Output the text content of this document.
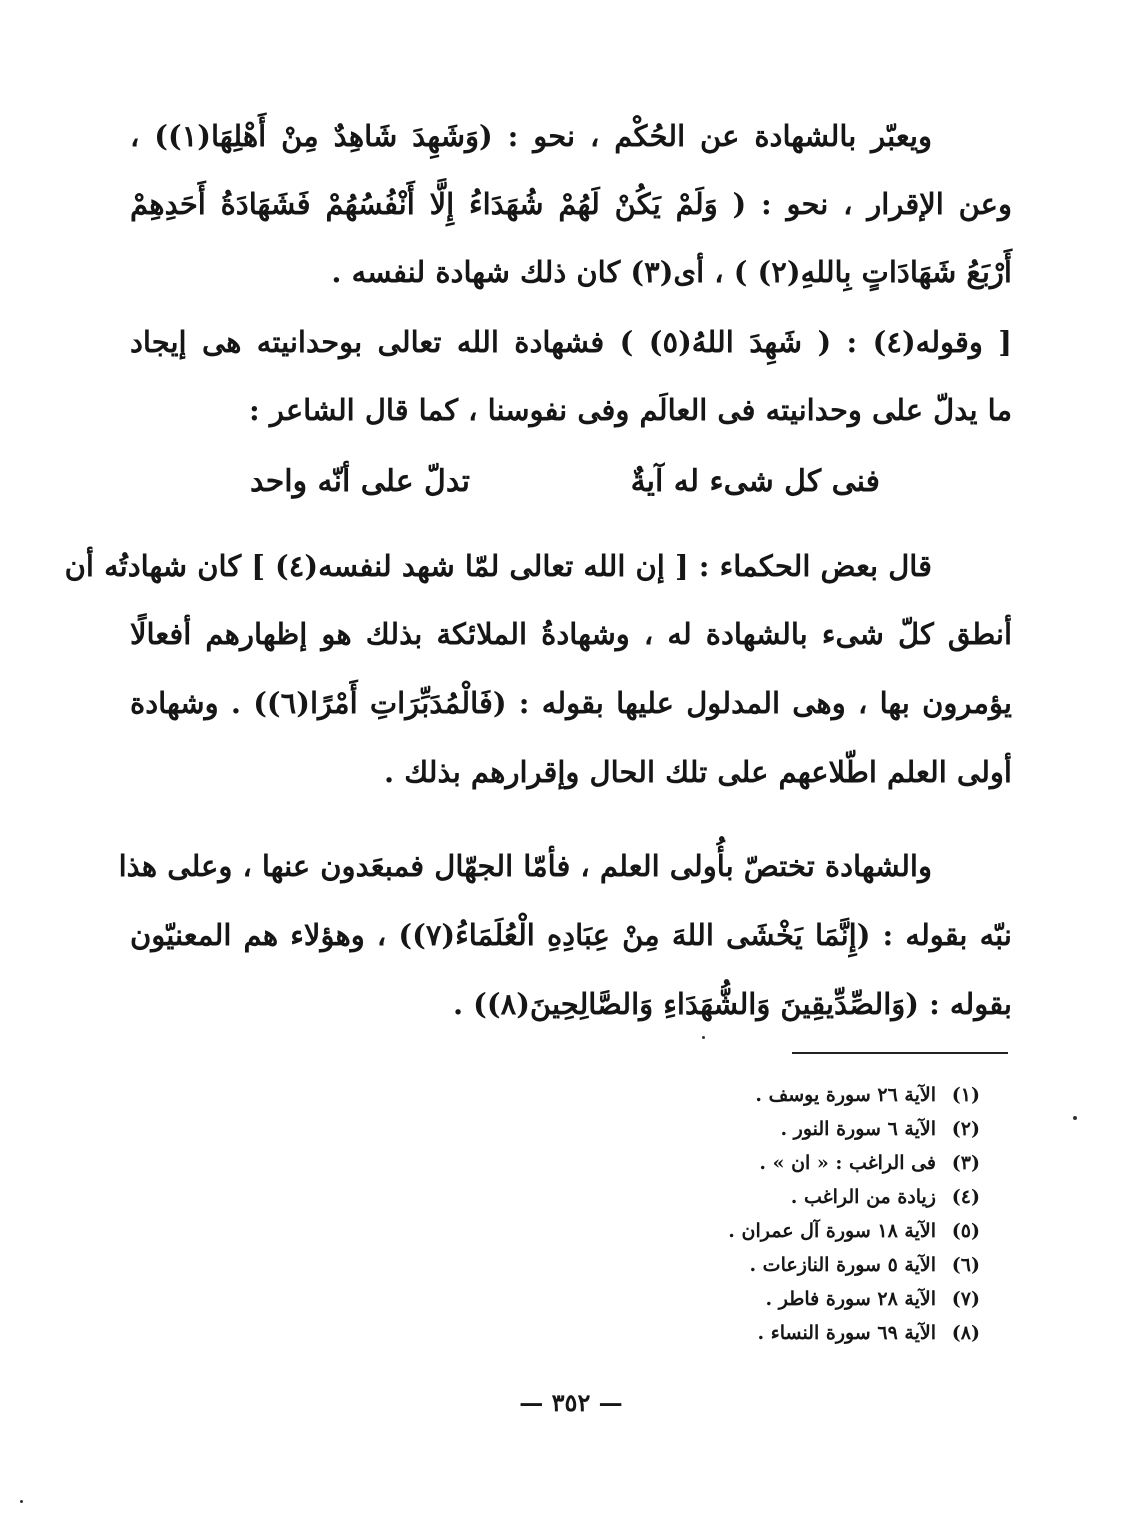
ويعبّر بالشهادة عن الحُكْم ، نحو : (وَشَهِدَ شَاهِدٌ مِنْ أَهْلِهَا(١)) ،
وعن الإقرار ، نحو : ( وَلَمْ يَكُنْ لَهُمْ شُهَدَاءُ إِلَّا أَنْفُسُهُمْ فَشَهَادَةُ أَحَدِهِمْ
أَرْبَعُ شَهَادَاتٍ بِاللهِ(٢) ) ، أى(٣) كان ذلك شهادة لنفسه .
[ وقوله(٤) : ( شَهِدَ اللهُ(٥) ) فشهادة الله تعالى بوحدانيته هى إيجاد
ما يدلّ على وحدانيته فى العالَم وفى نفوسنا ، كما قال الشاعر :
فنى كل شىء له آيةٌ
تدلّ على أنّه واحد
قال بعض الحكماء : [ إن الله تعالى لمّا شهد لنفسه(٤) ] كان شهادتُه أن
أنطق كلّ شىء بالشهادة له ، وشهادةُ الملائكة بذلك هو إظهارهم أفعالًا
يؤمرون بها ، وهى المدلول عليها بقوله : (فَالْمُدَبِّرَاتِ أَمْرًا(٦)) . وشهادة
أولى العلم اطّلاعهم على تلك الحال وإقرارهم بذلك .
والشهادة تختصّ بأُولى العلم ، فأمّا الجهّال فمبعَدون عنها ، وعلى هذا
نبّه بقوله : (إِنَّمَا يَخْشَى اللهَ مِنْ عِبَادِهِ الْعُلَمَاءُ(٧)) ، وهؤلاء هم المعنيّون
بقوله : (وَالصِّدِّيقِينَ وَالشُّهَدَاءِ وَالصَّالِحِينَ(٨)) .
(١)الآية ٢٦ سورة يوسف .
(٢)الآية ٦ سورة النور .
(٣)فى الراغب : « ان » .
(٤)زيادة من الراغب .
(٥)الآية ١٨ سورة آل عمران .
(٦)الآية ٥ سورة النازعات .
(٧)الآية ٢٨ سورة فاطر .
(٨)الآية ٦٩ سورة النساء .
— ٣٥٢ —
